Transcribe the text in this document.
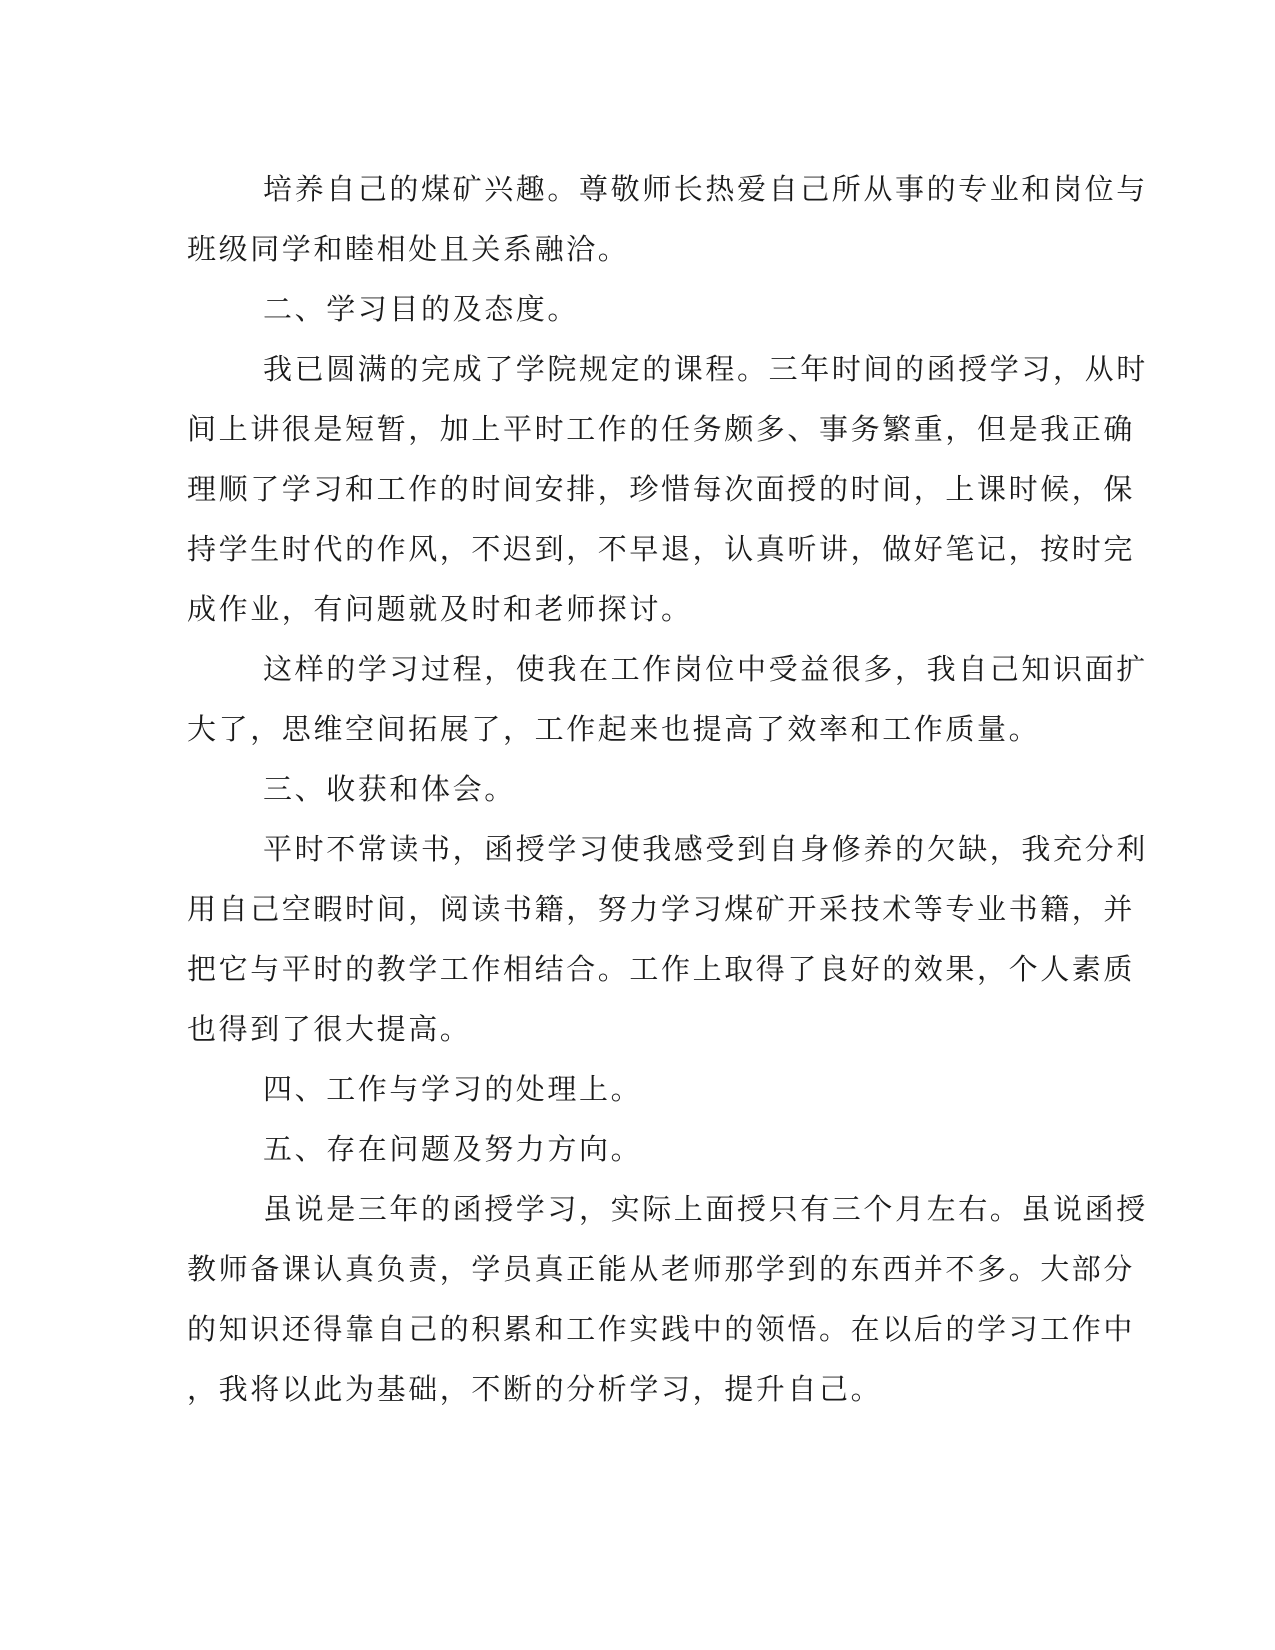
培养自己的煤矿兴趣。尊敬师长热爱自己所从事的专业和岗位与
班级同学和睦相处且关系融洽。
二、学习目的及态度。
我已圆满的完成了学院规定的课程。三年时间的函授学习，从时
间上讲很是短暂，加上平时工作的任务颇多、事务繁重，但是我正确
理顺了学习和工作的时间安排，珍惜每次面授的时间，上课时候，保
持学生时代的作风，不迟到，不早退，认真听讲，做好笔记，按时完
成作业，有问题就及时和老师探讨。
这样的学习过程，使我在工作岗位中受益很多，我自己知识面扩
大了，思维空间拓展了，工作起来也提高了效率和工作质量。
三、收获和体会。
平时不常读书，函授学习使我感受到自身修养的欠缺，我充分利
用自己空暇时间，阅读书籍，努力学习煤矿开采技术等专业书籍，并
把它与平时的教学工作相结合。工作上取得了良好的效果，个人素质
也得到了很大提高。
四、工作与学习的处理上。
五、存在问题及努力方向。
虽说是三年的函授学习，实际上面授只有三个月左右。虽说函授
教师备课认真负责，学员真正能从老师那学到的东西并不多。大部分
的知识还得靠自己的积累和工作实践中的领悟。在以后的学习工作中
，我将以此为基础，不断的分析学习，提升自己。
